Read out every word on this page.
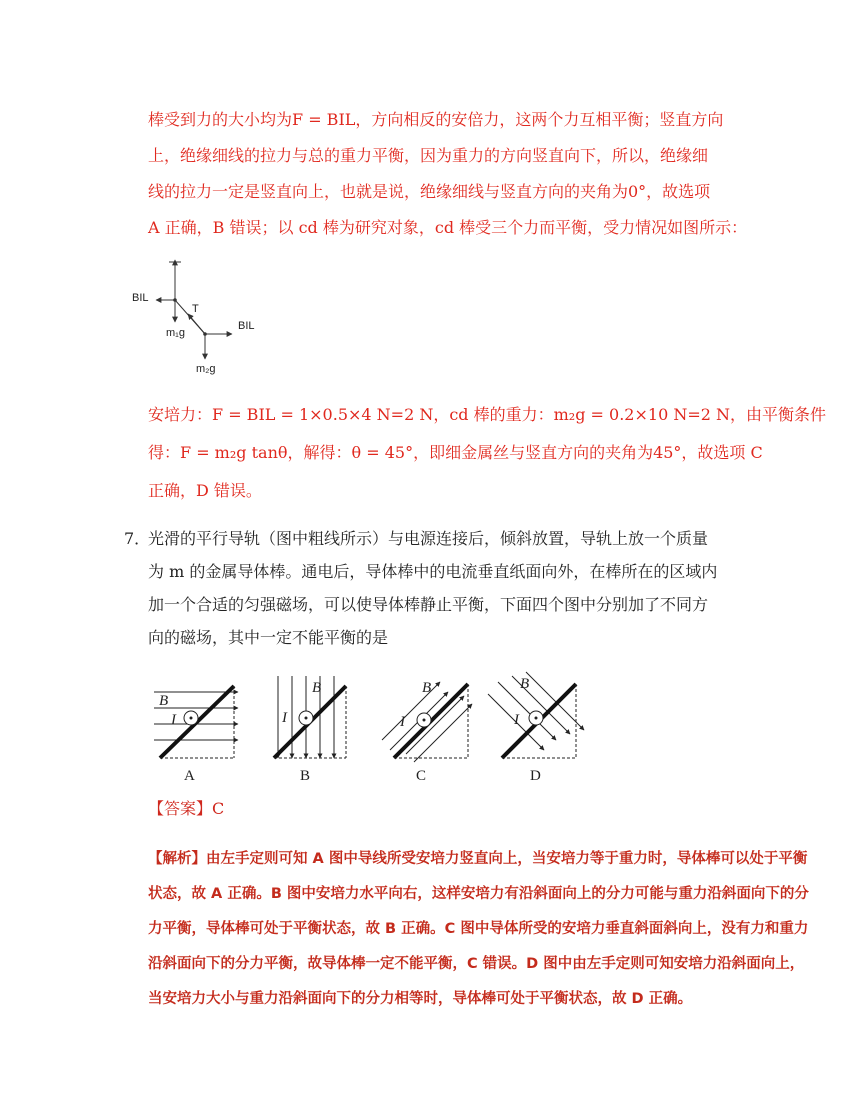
棒受到力的大小均为F = BIL，方向相反的安倍力，这两个力互相平衡；竖直方向
上，绝缘细线的拉力与总的重力平衡，因为重力的方向竖直向下，所以，绝缘细
线的拉力一定是竖直向上，也就是说，绝缘细线与竖直方向的夹角为0°，故选项
A 正确，B 错误；以 cd 棒为研究对象，cd 棒受三个力而平衡，受力情况如图所示：
BIL
m₁g
T
BIL
m₂g
安培力：F = BIL = 1×0.5×4 N=2 N，cd 棒的重力：m₂g = 0.2×10 N=2 N，由平衡条件
得：F = m₂g tanθ，解得：θ = 45°，即细金属丝与竖直方向的夹角为45°，故选项 C
正确，D 错误。
7．
光滑的平行导轨（图中粗线所示）与电源连接后，倾斜放置，导轨上放一个质量
为 m 的金属导体棒。通电后，导体棒中的电流垂直纸面向外，在棒所在的区域内
加一个合适的匀强磁场，可以使导体棒静止平衡，下面四个图中分别加了不同方
向的磁场，其中一定不能平衡的是
B
I
A
B
I
B
B
I
C
B
I
D
【答案】C
【解析】由左手定则可知 A 图中导线所受安培力竖直向上，当安培力等于重力时，导体棒可以处于平衡
状态，故 A 正确。B 图中安培力水平向右，这样安培力有沿斜面向上的分力可能与重力沿斜面向下的分
力平衡，导体棒可处于平衡状态，故 B 正确。C 图中导体所受的安培力垂直斜面斜向上，没有力和重力
沿斜面向下的分力平衡，故导体棒一定不能平衡，C 错误。D 图中由左手定则可知安培力沿斜面向上，
当安培力大小与重力沿斜面向下的分力相等时，导体棒可处于平衡状态，故 D 正确。
